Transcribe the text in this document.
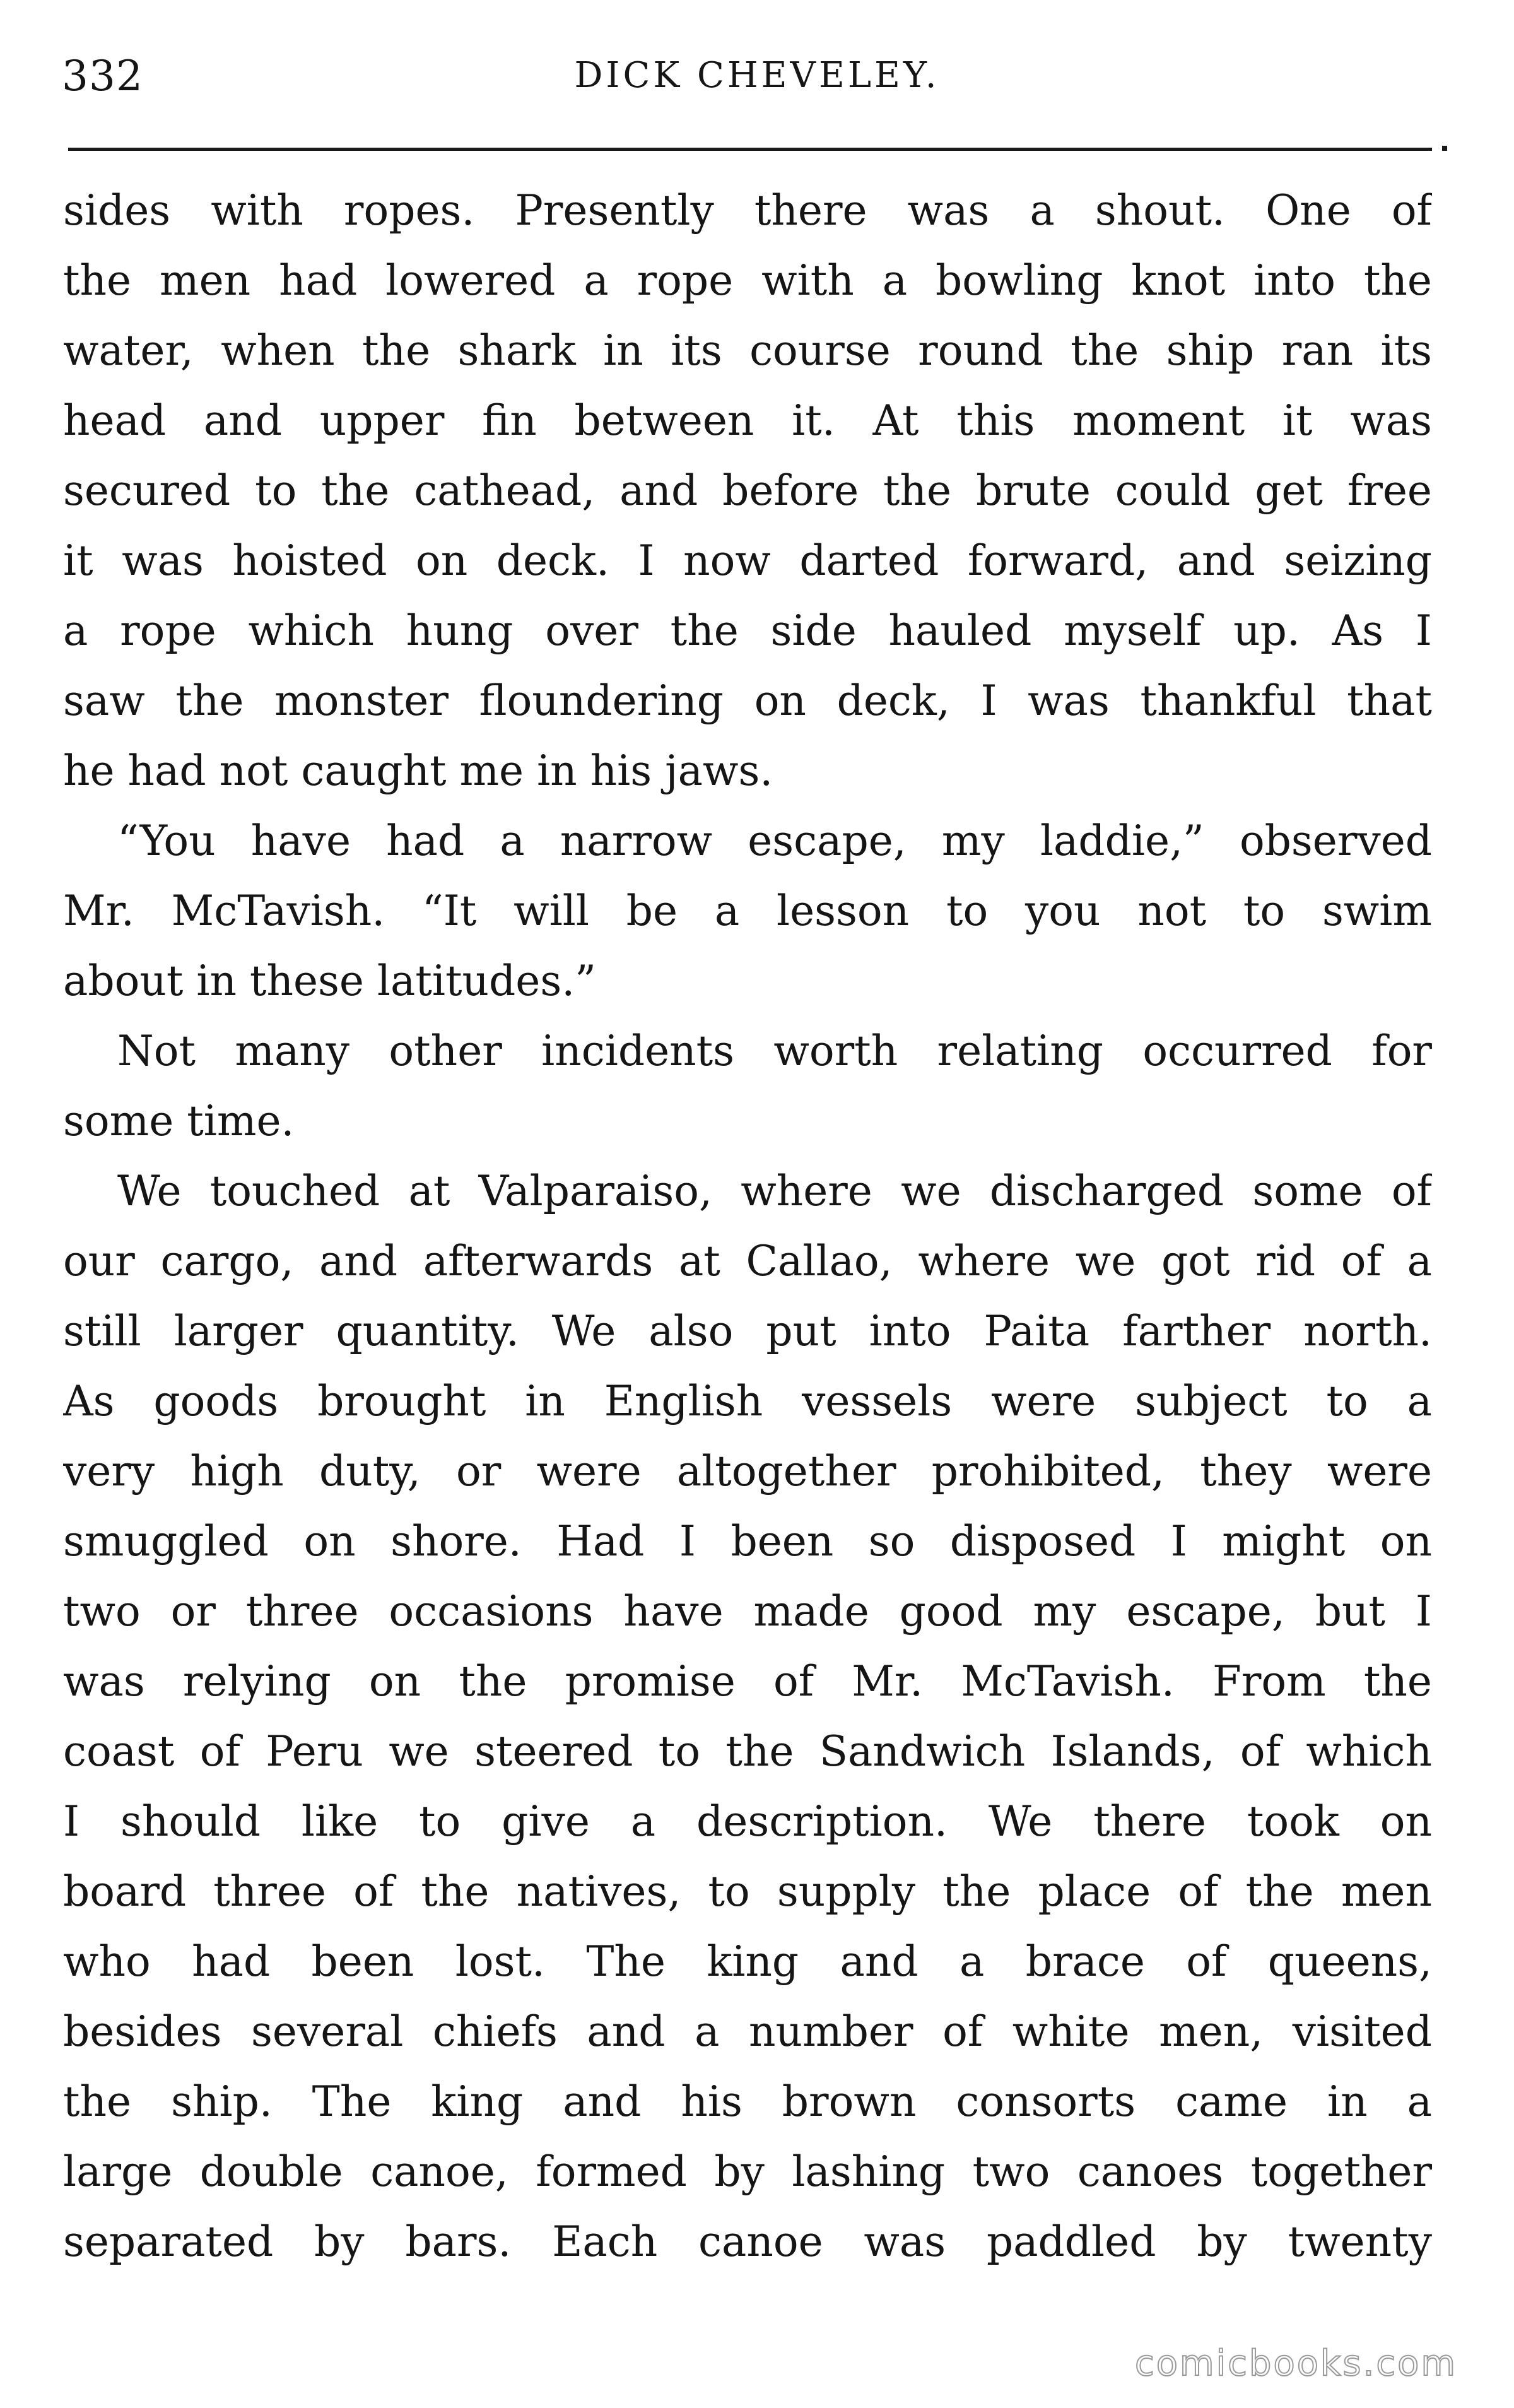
332	DICK CHEVELEY.
sides with ropes. Presently there was a shout. One of
the men had lowered a rope with a bowling knot into the
water, when the shark in its course round the ship ran its
head and upper fin between it. At this moment it was
secured to the cathead, and before the brute could get free
it was hoisted on deck. I now darted forward, and seizing
a rope which hung over the side hauled myself up. As I
saw the monster floundering on deck, I was thankful that
he had not caught me in his jaws.
“You have had a narrow escape, my laddie,” observed
Mr. McTavish. “It will be a lesson to you not to swim
about in these latitudes.”
Not many other incidents worth relating occurred for
some time.
We touched at Valparaiso, where we discharged some of
our cargo, and afterwards at Callao, where we got rid of a
still larger quantity. We also put into Paita farther north.
As goods brought in English vessels were subject to a
very high duty, or were altogether prohibited, they were
smuggled on shore. Had I been so disposed I might on
two or three occasions have made good my escape, but I
was relying on the promise of Mr. McTavish. From the
coast of Peru we steered to the Sandwich Islands, of which
I should like to give a description. We there took on
board three of the natives, to supply the place of the men
who had been lost. The king and a brace of queens,
besides several chiefs and a number of white men, visited
the ship. The king and his brown consorts came in a
large double canoe, formed by lashing two canoes together
separated by bars. Each canoe was paddled by twenty
comicbooks.com
